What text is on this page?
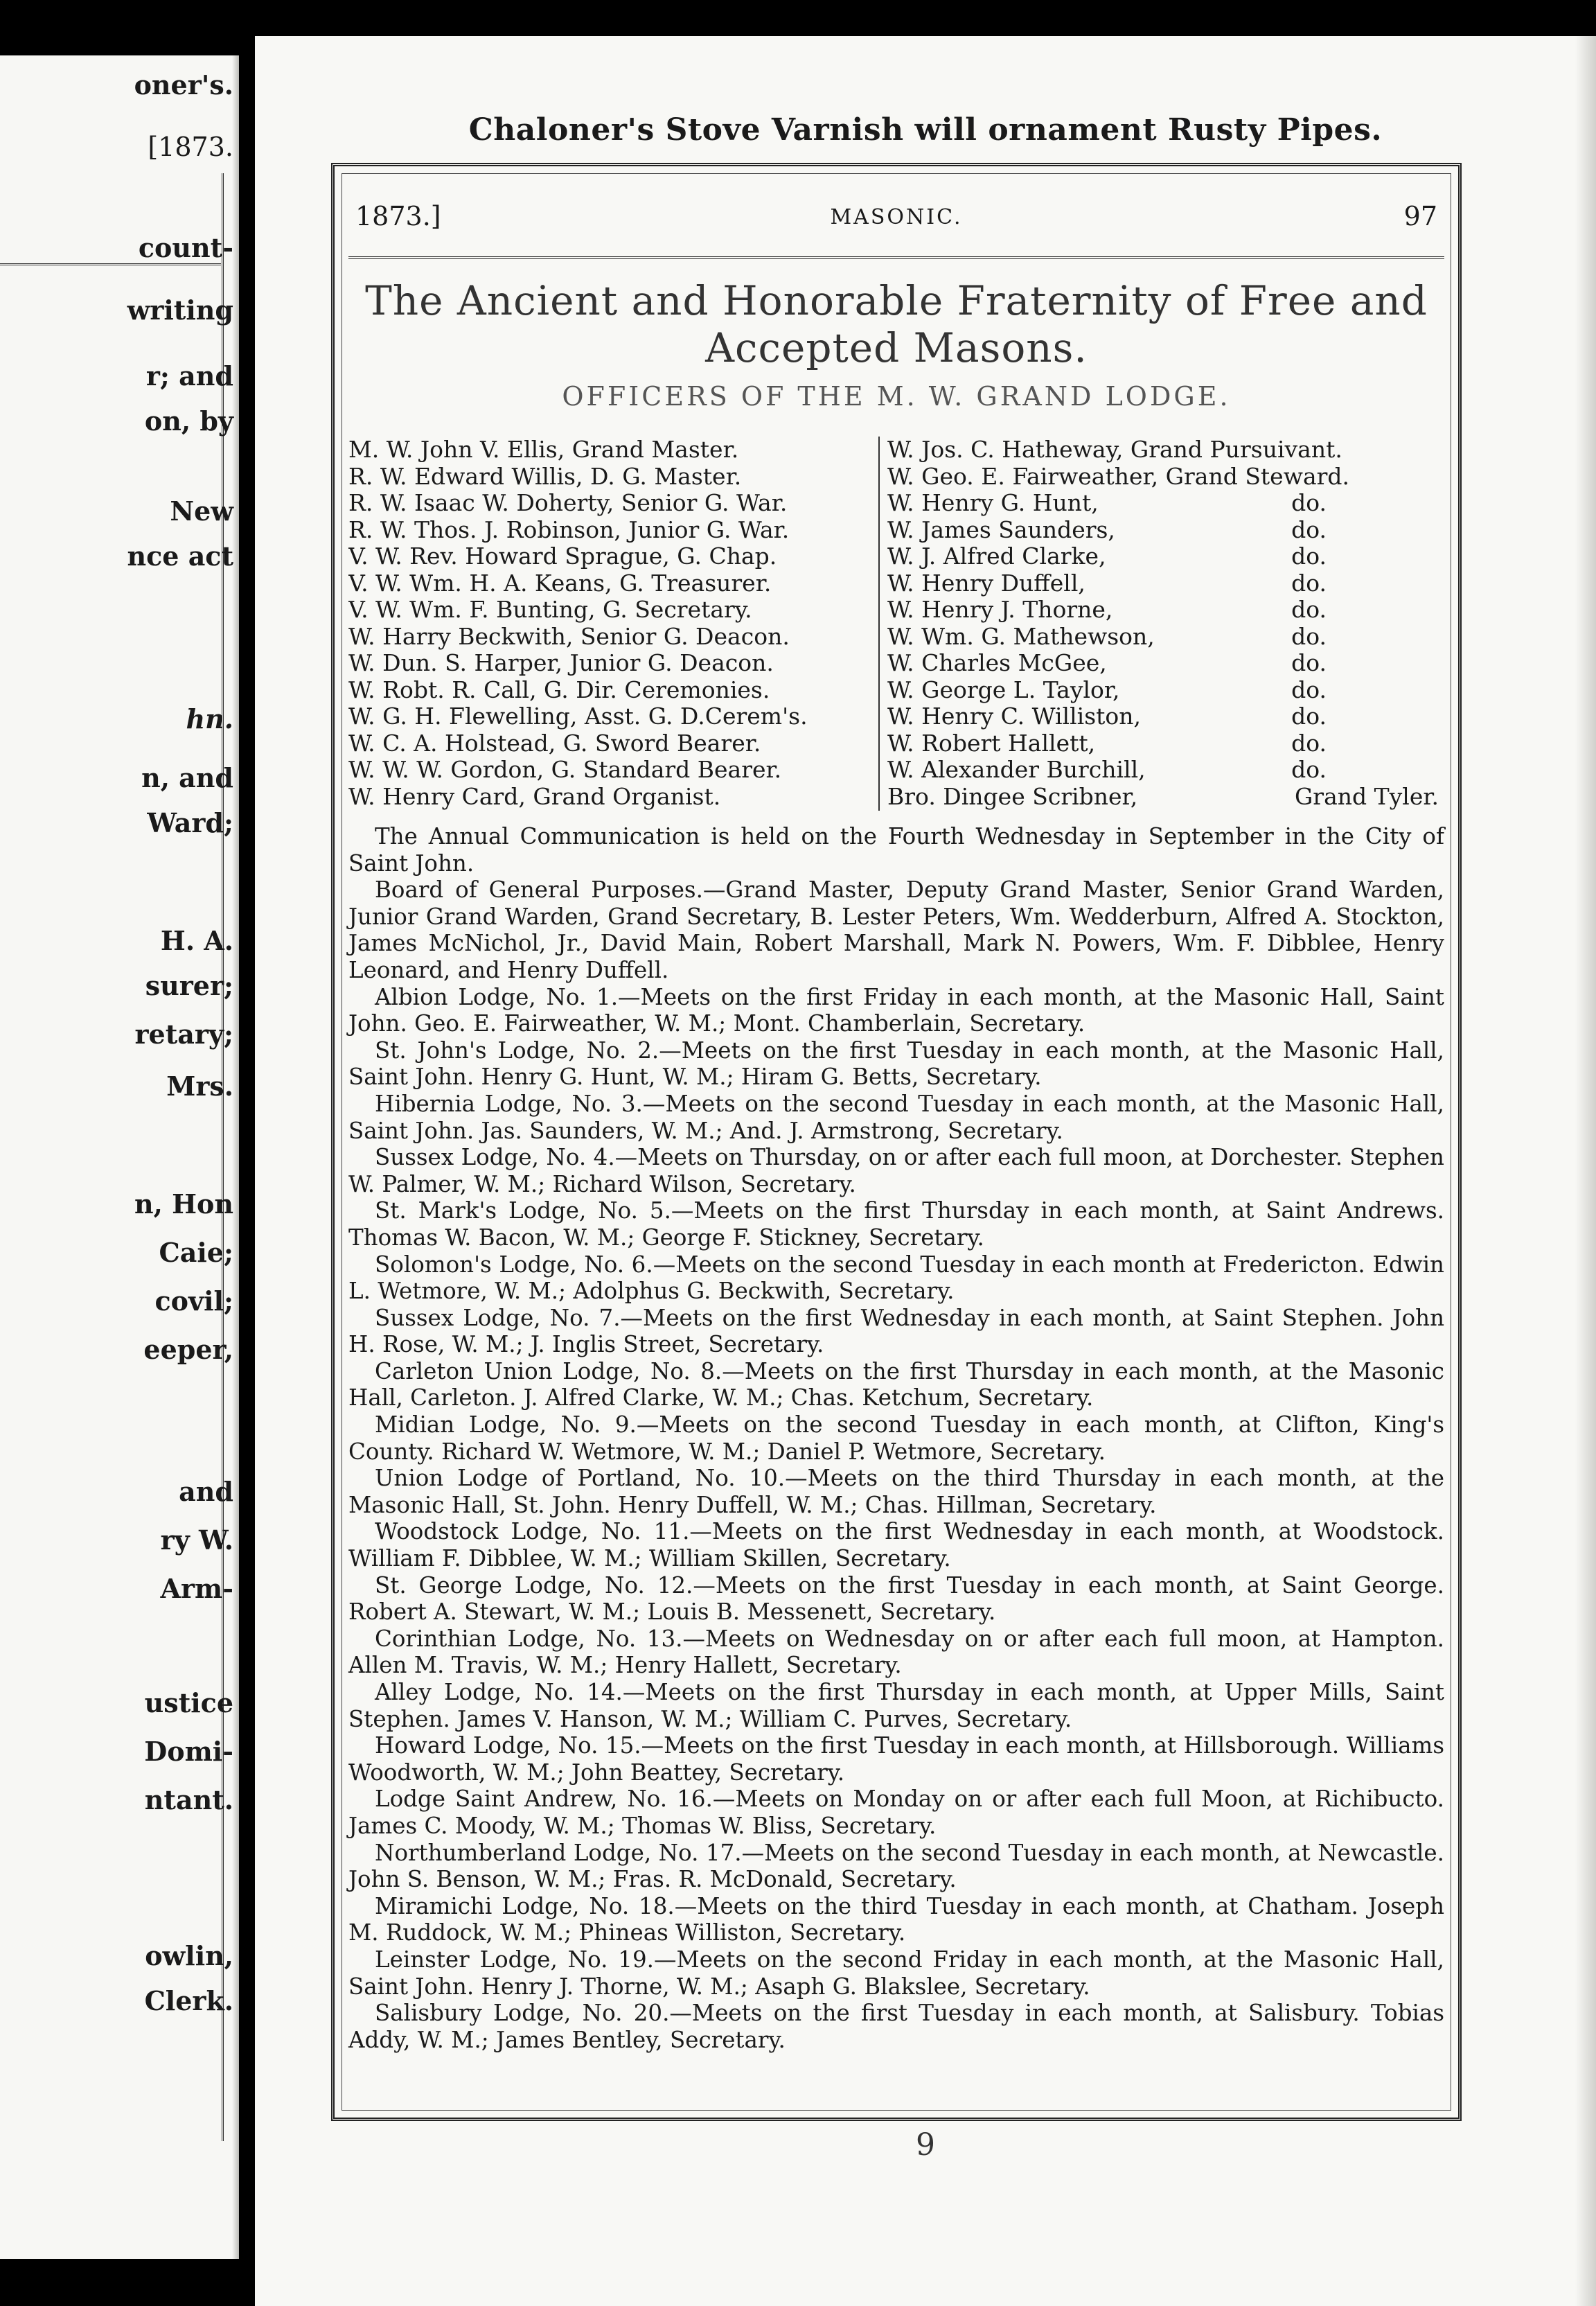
oner's.
[1873.
count-
writing
r; and
on, by
New
nce act
hn.
n, and
Ward;
H. A.
surer;
retary;
Mrs.
n, Hon
Caie;
covil;
eeper,
and
ry W.
Arm-
ustice
Domi-
ntant.
owlin,
Clerk.
Chaloner's Stove Varnish will ornament Rusty Pipes.
1873.]	MASONIC.	97
The Ancient and Honorable Fraternity of Free and Accepted Masons.
OFFICERS OF THE M. W. GRAND LODGE.
M. W. John V. Ellis, Grand Master.	W. Jos. C. Hatheway, Grand Pursuivant.
R. W. Edward Willis, D. G. Master.	W. Geo. E. Fairweather, Grand Steward.
R. W. Isaac W. Doherty, Senior G. War.	W. Henry G. Hunt,	do.
R. W. Thos. J. Robinson, Junior G. War.	W. James Saunders,	do.
V. W. Rev. Howard Sprague, G. Chap.	W. J. Alfred Clarke,	do.
V. W. Wm. H. A. Keans, G. Treasurer.	W. Henry Duffell,	do.
V. W. Wm. F. Bunting, G. Secretary.	W. Henry J. Thorne,	do.
W. Harry Beckwith, Senior G. Deacon.	W. Wm. G. Mathewson,	do.
W. Dun. S. Harper, Junior G. Deacon.	W. Charles McGee,	do.
W. Robt. R. Call, G. Dir. Ceremonies.	W. George L. Taylor,	do.
W. G. H. Flewelling, Asst. G. D.Cerem's.	W. Henry C. Williston,	do.
W. C. A. Holstead, G. Sword Bearer.	W. Robert Hallett,	do.
W. W. W. Gordon, G. Standard Bearer.	W. Alexander Burchill,	do.
W. Henry Card, Grand Organist.	Bro. Dingee Scribner,	Grand Tyler.

The Annual Communication is held on the Fourth Wednesday in September in the City of Saint John.

Board of General Purposes.—Grand Master, Deputy Grand Master, Senior Grand Warden, Junior Grand Warden, Grand Secretary, B. Lester Peters, Wm. Wedderburn, Alfred A. Stockton, James McNichol, Jr., David Main, Robert Marshall, Mark N. Powers, Wm. F. Dibblee, Henry Leonard, and Henry Duffell.

Albion Lodge, No. 1.—Meets on the first Friday in each month, at the Masonic Hall, Saint John. Geo. E. Fairweather, W. M.; Mont. Chamberlain, Secretary.

St. John's Lodge, No. 2.—Meets on the first Tuesday in each month, at the Masonic Hall, Saint John. Henry G. Hunt, W. M.; Hiram G. Betts, Secretary.

Hibernia Lodge, No. 3.—Meets on the second Tuesday in each month, at the Masonic Hall, Saint John. Jas. Saunders, W. M.; And. J. Armstrong, Secretary.

Sussex Lodge, No. 4.—Meets on Thursday, on or after each full moon, at Dorchester. Stephen W. Palmer, W. M.; Richard Wilson, Secretary.

St. Mark's Lodge, No. 5.—Meets on the first Thursday in each month, at Saint Andrews. Thomas W. Bacon, W. M.; George F. Stickney, Secretary.

Solomon's Lodge, No. 6.—Meets on the second Tuesday in each month at Fredericton. Edwin L. Wetmore, W. M.; Adolphus G. Beckwith, Secretary.

Sussex Lodge, No. 7.—Meets on the first Wednesday in each month, at Saint Stephen. John H. Rose, W. M.; J. Inglis Street, Secretary.

Carleton Union Lodge, No. 8.—Meets on the first Thursday in each month, at the Masonic Hall, Carleton. J. Alfred Clarke, W. M.; Chas. Ketchum, Secretary.

Midian Lodge, No. 9.—Meets on the second Tuesday in each month, at Clifton, King's County. Richard W. Wetmore, W. M.; Daniel P. Wetmore, Secretary.

Union Lodge of Portland, No. 10.—Meets on the third Thursday in each month, at the Masonic Hall, St. John. Henry Duffell, W. M.; Chas. Hillman, Secretary.

Woodstock Lodge, No. 11.—Meets on the first Wednesday in each month, at Woodstock. William F. Dibblee, W. M.; William Skillen, Secretary.

St. George Lodge, No. 12.—Meets on the first Tuesday in each month, at Saint George. Robert A. Stewart, W. M.; Louis B. Messenett, Secretary.

Corinthian Lodge, No. 13.—Meets on Wednesday on or after each full moon, at Hampton. Allen M. Travis, W. M.; Henry Hallett, Secretary.

Alley Lodge, No. 14.—Meets on the first Thursday in each month, at Upper Mills, Saint Stephen. James V. Hanson, W. M.; William C. Purves, Secretary.

Howard Lodge, No. 15.—Meets on the first Tuesday in each month, at Hillsborough. Williams Woodworth, W. M.; John Beattey, Secretary.

Lodge Saint Andrew, No. 16.—Meets on Monday on or after each full Moon, at Richibucto. James C. Moody, W. M.; Thomas W. Bliss, Secretary.

Northumberland Lodge, No. 17.—Meets on the second Tuesday in each month, at Newcastle. John S. Benson, W. M.; Fras. R. McDonald, Secretary.

Miramichi Lodge, No. 18.—Meets on the third Tuesday in each month, at Chatham. Joseph M. Ruddock, W. M.; Phineas Williston, Secretary.

Leinster Lodge, No. 19.—Meets on the second Friday in each month, at the Masonic Hall, Saint John. Henry J. Thorne, W. M.; Asaph G. Blakslee, Secretary.

Salisbury Lodge, No. 20.—Meets on the first Tuesday in each month, at Salisbury. Tobias Addy, W. M.; James Bentley, Secretary.

9
